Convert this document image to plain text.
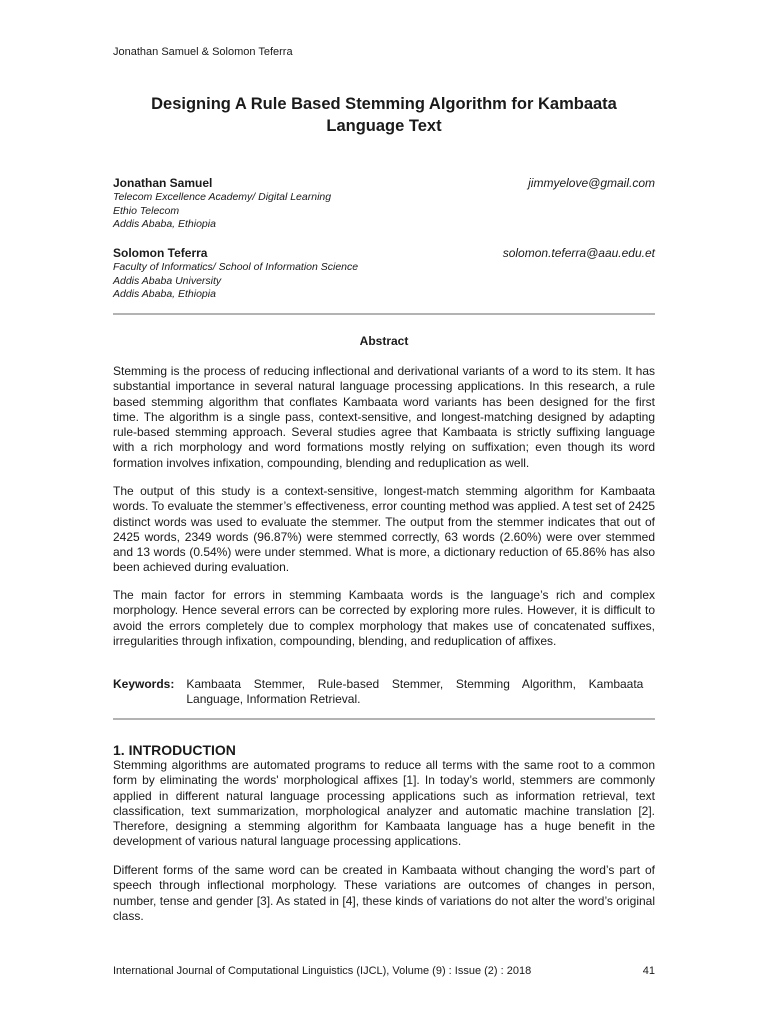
Jonathan Samuel & Solomon Teferra
Designing A Rule Based Stemming Algorithm for Kambaata
Language Text
Jonathan Samuel	jimmyelove@gmail.com
Telecom Excellence Academy/ Digital Learning
Ethio Telecom
Addis Ababa, Ethiopia
Solomon Teferra	solomon.teferra@aau.edu.et
Faculty of Informatics/ School of Information Science
Addis Ababa University
Addis Ababa, Ethiopia
Abstract
Stemming is the process of reducing inflectional and derivational variants of a word to its stem. It has substantial importance in several natural language processing applications. In this research, a rule based stemming algorithm that conflates Kambaata word variants has been designed for the first time. The algorithm is a single pass, context-sensitive, and longest-matching designed by adapting rule-based stemming approach. Several studies agree that Kambaata is strictly suffixing language with a rich morphology and word formations mostly relying on suffixation; even though its word formation involves infixation, compounding, blending and reduplication as well.
The output of this study is a context-sensitive, longest-match stemming algorithm for Kambaata words. To evaluate the stemmer’s effectiveness, error counting method was applied. A test set of 2425 distinct words was used to evaluate the stemmer. The output from the stemmer indicates that out of 2425 words, 2349 words (96.87%) were stemmed correctly, 63 words (2.60%) were over stemmed and 13 words (0.54%) were under stemmed. What is more, a dictionary reduction of 65.86% has also been achieved during evaluation.
The main factor for errors in stemming Kambaata words is the language’s rich and complex morphology. Hence several errors can be corrected by exploring more rules. However, it is difficult to avoid the errors completely due to complex morphology that makes use of concatenated suffixes, irregularities through infixation, compounding, blending, and reduplication of affixes.
Keywords: Kambaata Stemmer, Rule-based Stemmer, Stemming Algorithm, Kambaata Language, Information Retrieval.
1. INTRODUCTION
Stemming algorithms are automated programs to reduce all terms with the same root to a common form by eliminating the words' morphological affixes [1]. In today’s world, stemmers are commonly applied in different natural language processing applications such as information retrieval, text classification, text summarization, morphological analyzer and automatic machine translation [2]. Therefore, designing a stemming algorithm for Kambaata language has a huge benefit in the development of various natural language processing applications.
Different forms of the same word can be created in Kambaata without changing the word’s part of speech through inflectional morphology. These variations are outcomes of changes in person, number, tense and gender [3]. As stated in [4], these kinds of variations do not alter the word’s original class.
International Journal of Computational Linguistics (IJCL), Volume (9) : Issue (2) : 2018	41
